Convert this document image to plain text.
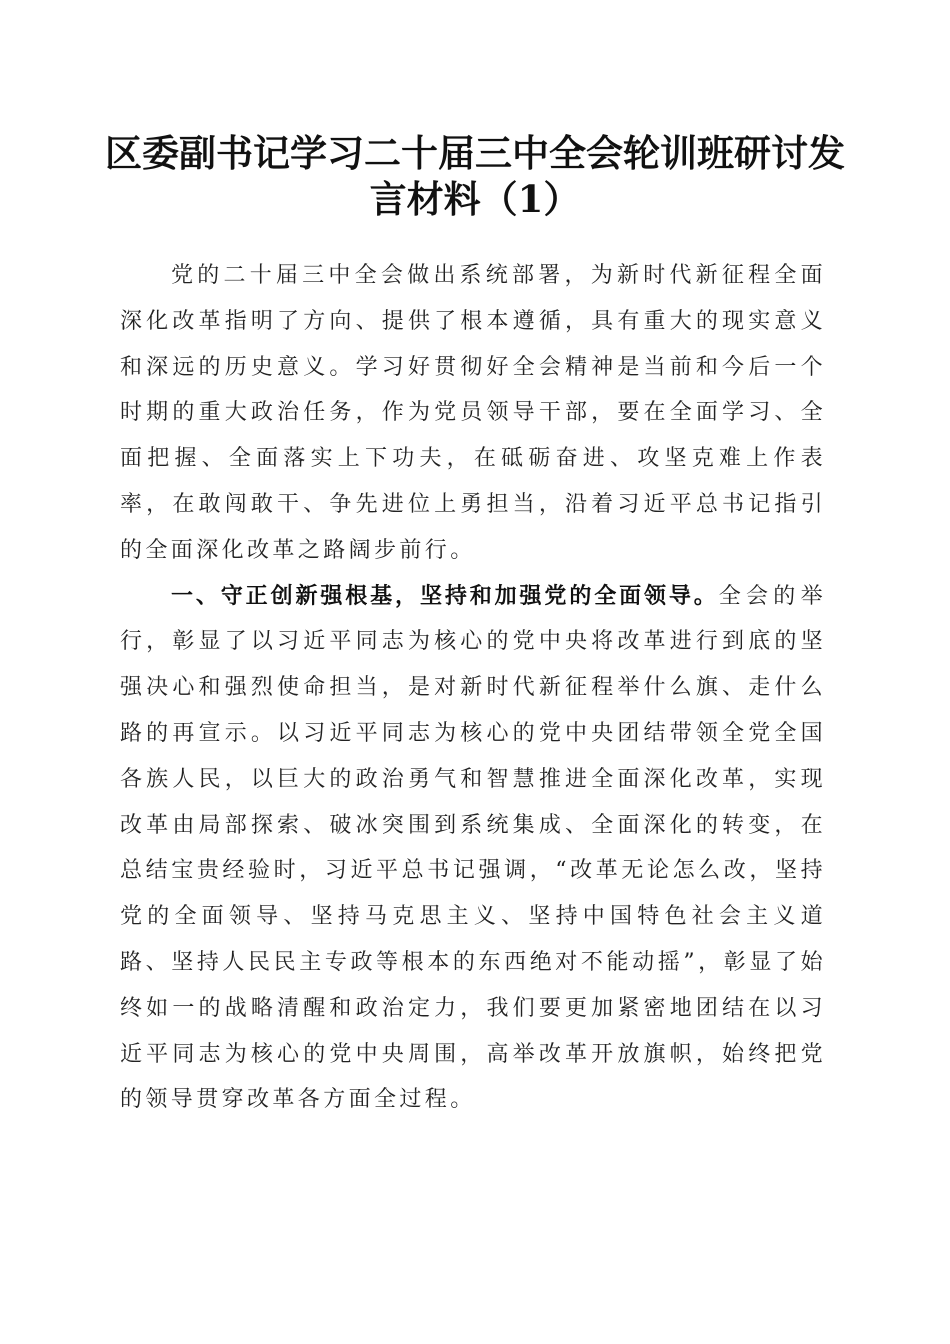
区委副书记学习二十届三中全会轮训班研讨发言材料（1）

党的二十届三中全会做出系统部署，为新时代新征程全面深化改革指明了方向、提供了根本遵循，具有重大的现实意义和深远的历史意义。学习好贯彻好全会精神是当前和今后一个时期的重大政治任务，作为党员领导干部，要在全面学习、全面把握、全面落实上下功夫，在砥砺奋进、攻坚克难上作表率，在敢闯敢干、争先进位上勇担当，沿着习近平总书记指引的全面深化改革之路阔步前行。

一、守正创新强根基，坚持和加强党的全面领导。全会的举行，彰显了以习近平同志为核心的党中央将改革进行到底的坚强决心和强烈使命担当，是对新时代新征程举什么旗、走什么路的再宣示。以习近平同志为核心的党中央团结带领全党全国各族人民，以巨大的政治勇气和智慧推进全面深化改革，实现改革由局部探索、破冰突围到系统集成、全面深化的转变，在总结宝贵经验时，习近平总书记强调，“改革无论怎么改，坚持党的全面领导、坚持马克思主义、坚持中国特色社会主义道路、坚持人民民主专政等根本的东西绝对不能动摇”，彰显了始终如一的战略清醒和政治定力，我们要更加紧密地团结在以习近平同志为核心的党中央周围，高举改革开放旗帜，始终把党的领导贯穿改革各方面全过程。
